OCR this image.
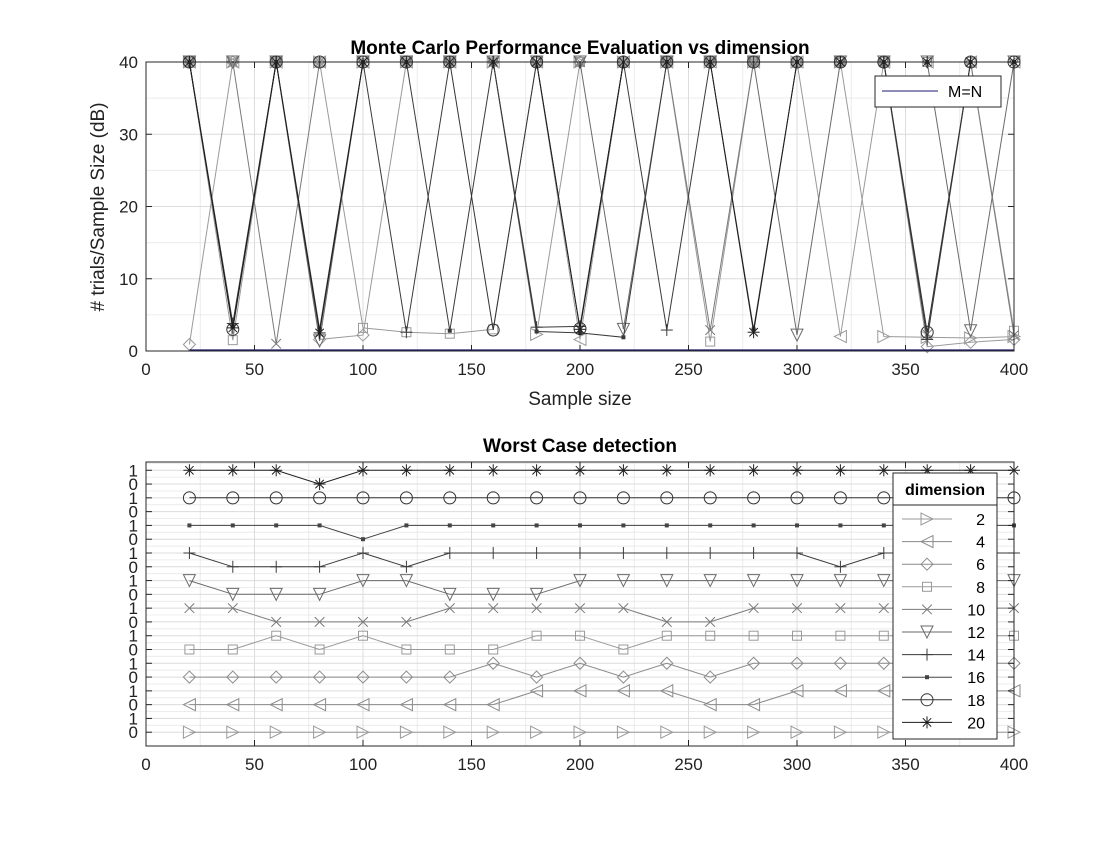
0	50	100	150	200	250	300	350	400
0
10
20
30
40
Monte Carlo Performance Evaluation vs dimension
Sample size
# trials/Sample Size (dB)
M=N
0	50	100	150	200	250	300	350	400
0
1
0
1
0
1
0
1
0
1
0
1
0
1
0
1
0
1
0
1
Worst Case detection
dimension
2
4
6
8
10
12
14
16
18
20
